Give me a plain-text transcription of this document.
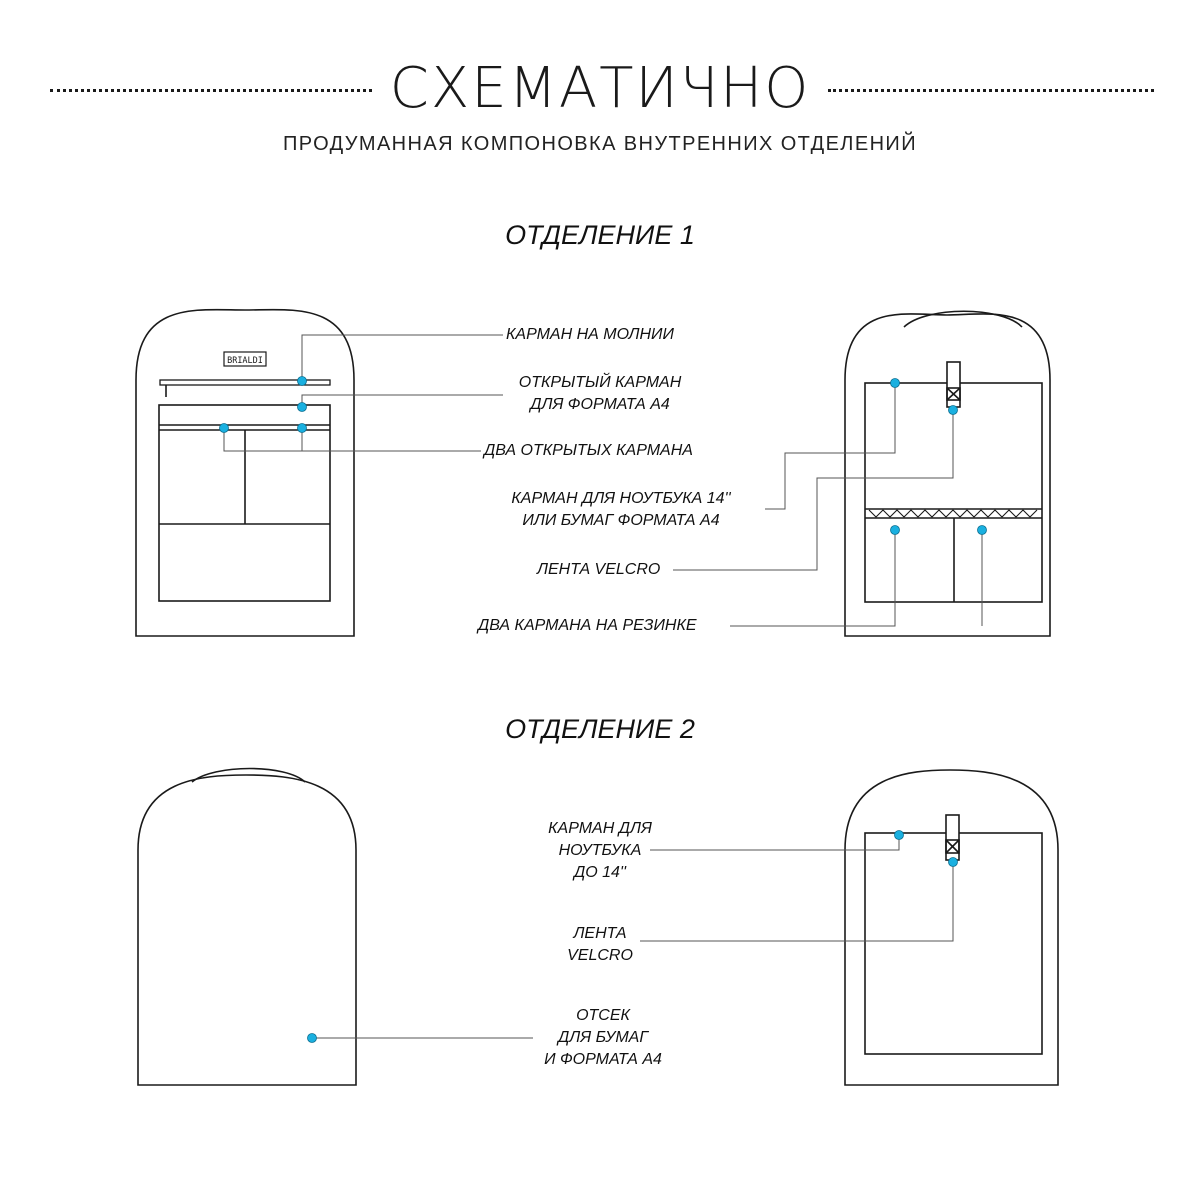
СХЕМАТИЧНО
ПРОДУМАННАЯ КОМПОНОВКА ВНУТРЕННИХ ОТДЕЛЕНИЙ
ОТДЕЛЕНИЕ 1
ОТДЕЛЕНИЕ 2
BRIALDI
КАРМАН НА МОЛНИИ
ОТКРЫТЫЙ КАРМАН
ДЛЯ ФОРМАТА А4
ДВА ОТКРЫТЫХ КАРМАНА
КАРМАН ДЛЯ НОУТБУКА 14''
ИЛИ БУМАГ ФОРМАТА А4
ЛЕНТА VELCRO
ДВА КАРМАНА НА РЕЗИНКЕ
КАРМАН ДЛЯ
НОУТБУКА
ДО 14''
ЛЕНТА
VELCRO
ОТСЕК
ДЛЯ БУМАГ
И ФОРМАТА А4
